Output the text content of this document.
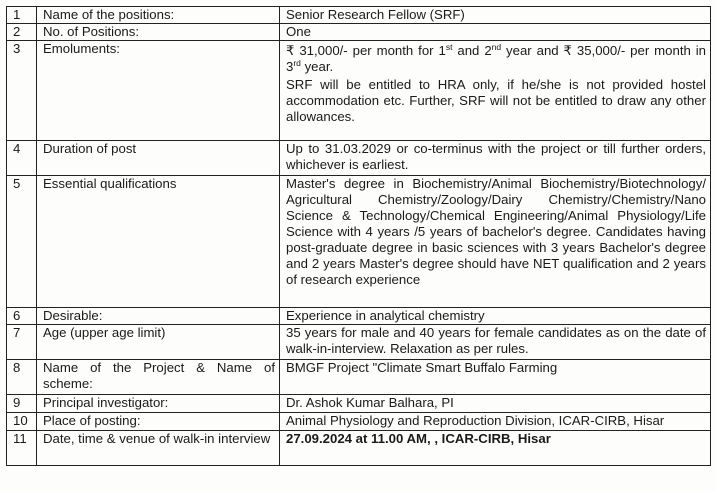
1	Name of the positions:	Senior Research Fellow (SRF)
2	No. of Positions:	One
3	Emoluments:	₹ 31,000/- per month for 1st and 2nd year and ₹ 35,000/- per month in 3rd year.
SRF will be entitled to HRA only, if he/she is not provided hostel accommodation etc. Further, SRF will not be entitled to draw any other allowances.

4	Duration of post	Up to 31.03.2029 or co-terminus with the project or till further orders, whichever is earliest.
5	Essential qualifications	Master's degree in Biochemistry/Animal Biochemistry/Biotechnology/ Agricultural Chemistry/Zoology/Dairy Chemistry/Chemistry/Nano Science & Technology/Chemical Engineering/Animal Physiology/Life Science with 4 years /5 years of bachelor's degree. Candidates having post-graduate degree in basic sciences with 3 years Bachelor's degree and 2 years Master's degree should have NET qualification and 2 years of research experience
6	Desirable:	Experience in analytical chemistry
7	Age (upper age limit)	35 years for male and 40 years for female candidates as on the date of walk-in-interview. Relaxation as per rules.
8	Name of the Project & Name of scheme:	BMGF Project "Climate Smart Buffalo Farming
9	Principal investigator:	Dr. Ashok Kumar Balhara, PI
10	Place of posting:	Animal Physiology and Reproduction Division, ICAR-CIRB, Hisar
11	Date, time & venue of walk-in interview	27.09.2024 at 11.00 AM, , ICAR-CIRB, Hisar
